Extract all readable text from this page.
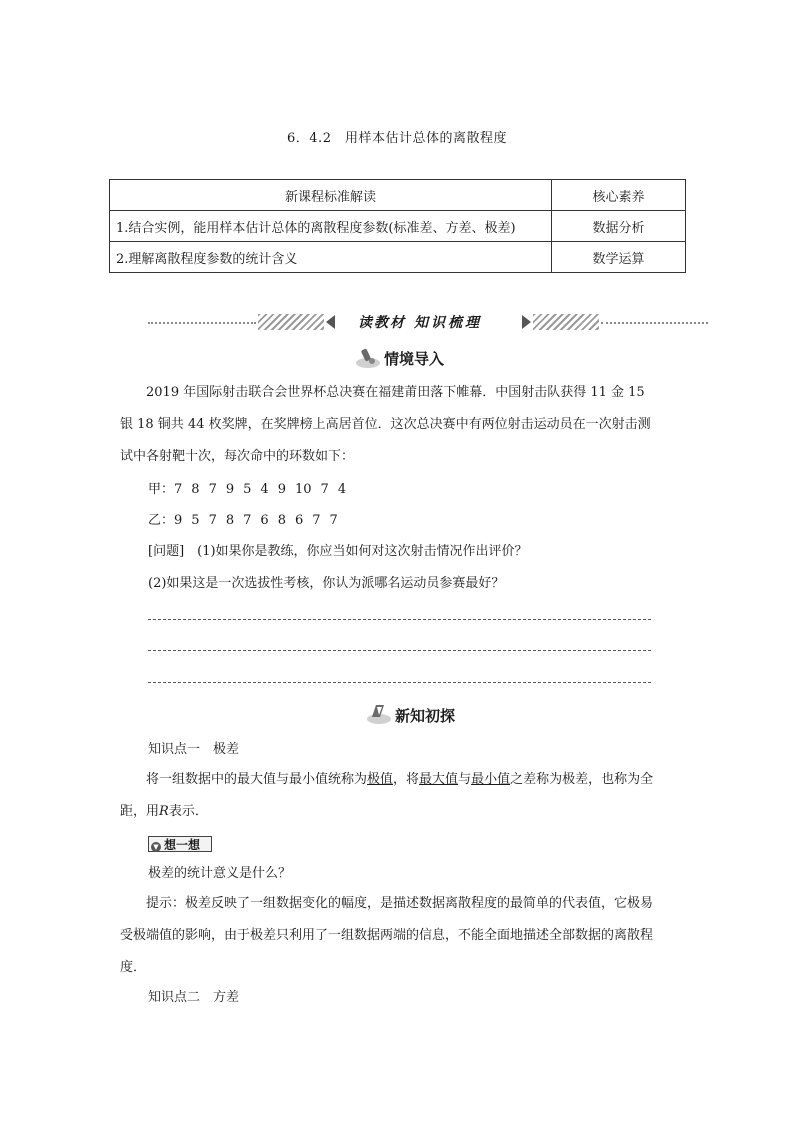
6．4.2　用样本估计总体的离散程度
新课程标准解读	核心素养
1.结合实例，能用样本估计总体的离散程度参数(标准差、方差、极差)	数据分析
2.理解离散程度参数的统计含义	数学运算
读教材 知识梳理
情境导入
2019 年国际射击联合会世界杯总决赛在福建莆田落下帷幕．中国射击队获得 11 金 15 银 18 铜共 44 枚奖牌，在奖牌榜上高居首位．这次总决赛中有两位射击运动员在一次射击测试中各射靶十次，每次命中的环数如下：
甲：7 8 7 9 5 4 9 10 7 4
乙：9 5 7 8 7 6 8 6 7 7
[问题]　(1)如果你是教练，你应当如何对这次射击情况作出评价？
(2)如果这是一次选拔性考核，你认为派哪名运动员参赛最好？
新知初探
知识点一　极差
将一组数据中的最大值与最小值统称为极值，将最大值与最小值之差称为极差，也称为全距，用R表示．
▼ 想一想
极差的统计意义是什么？
提示：极差反映了一组数据变化的幅度，是描述数据离散程度的最简单的代表值，它极易受极端值的影响，由于极差只利用了一组数据两端的信息，不能全面地描述全部数据的离散程度．
知识点二　方差
